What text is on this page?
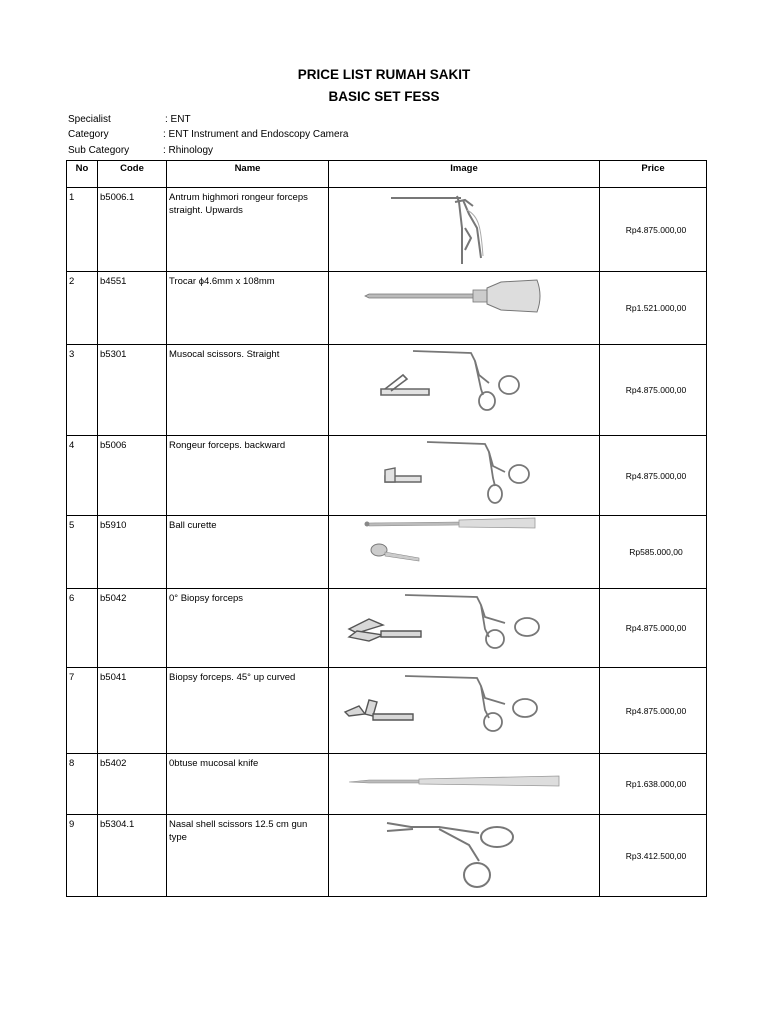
PRICE LIST RUMAH SAKIT
BASIC SET FESS
Specialist	: ENT
Category	: ENT Instrument and Endoscopy Camera
Sub Category	: Rhinology
No	Code	Name	Image	Price
1	b5006.1	Antrum highmori rongeur forceps straight. Upwards		Rp4.875.000,00
2	b4551	Trocar ɸ4.6mm x 108mm		Rp1.521.000,00
3	b5301	Musocal scissors. Straight		Rp4.875.000,00
4	b5006	Rongeur forceps. backward		Rp4.875.000,00
5	b5910	Ball curette		Rp585.000,00
6	b5042	0° Biopsy forceps		Rp4.875.000,00
7	b5041	Biopsy forceps. 45° up curved		Rp4.875.000,00
8	b5402	0btuse mucosal knife		Rp1.638.000,00
9	b5304.1	Nasal shell scissors 12.5 cm gun type		Rp3.412.500,00
